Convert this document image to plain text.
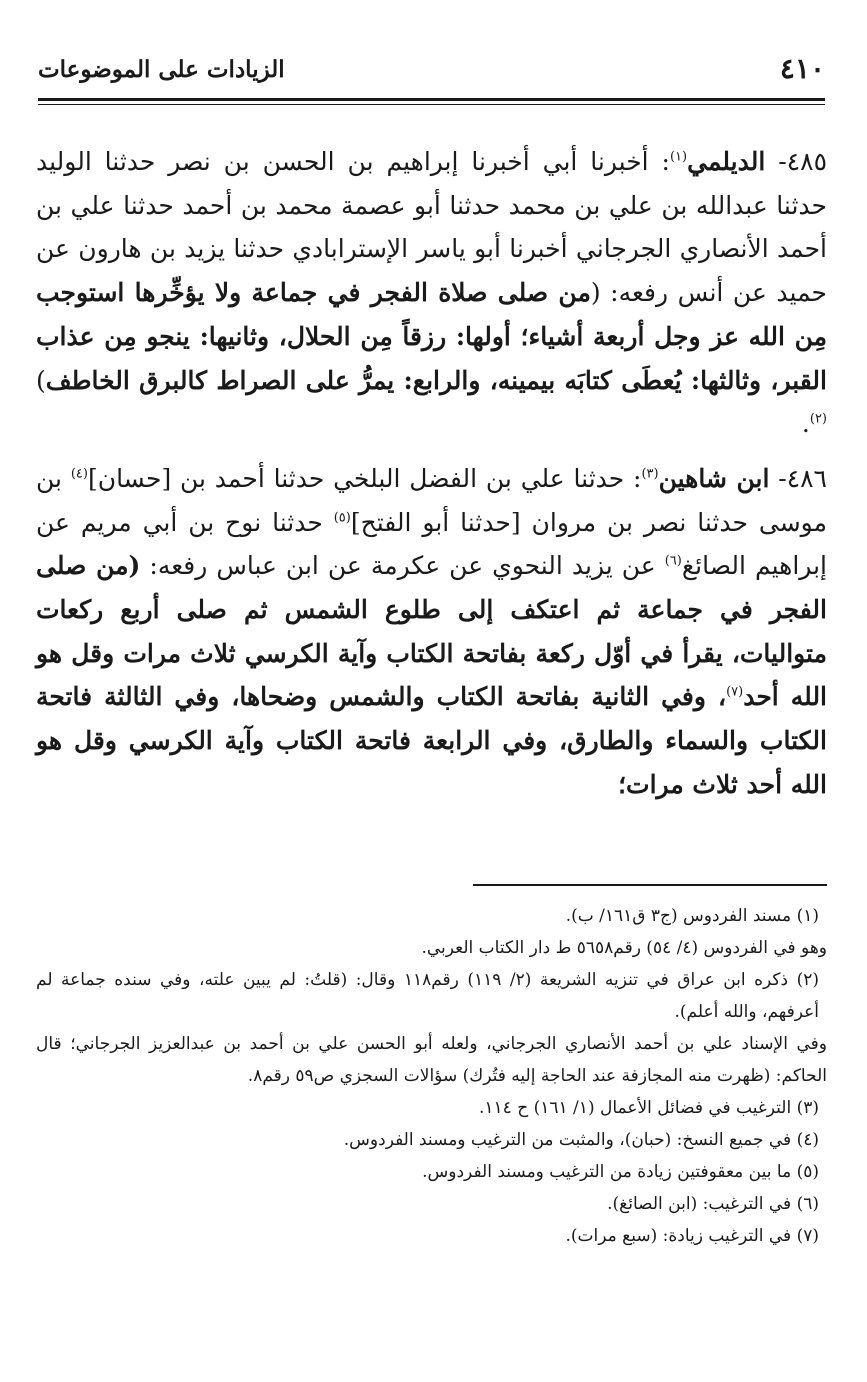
٤١٠
الزيادات على الموضوعات

٤٨٥- الديلمي$^{(١)}$: أخبرنا أبي أخبرنا إبراهيم بن الحسن بن نصر حدثنا الوليد حدثنا عبدالله بن علي بن محمد حدثنا أبو عصمة محمد بن أحمد حدثنا علي بن أحمد الأنصاري الجرجاني أخبرنا أبو ياسر الإسترابادي حدثنا يزيد بن هارون عن حميد عن أنس رفعه: (من صلى صلاة الفجر في جماعة ولا يؤخِّرها استوجب مِن الله عز وجل أربعة أشياء؛ أولها: رزقاً مِن الحلال، وثانيها: ينجو مِن عذاب القبر، وثالثها: يُعطَى كتابَه بيمينه، والرابع: يمرُّ على الصراط كالبرق الخاطف)$^{(٢)}$.

٤٨٦- ابن شاهين$^{(٣)}$: حدثنا علي بن الفضل البلخي حدثنا أحمد بن [حسان]$^{(٤)}$ بن موسى حدثنا نصر بن مروان [حدثنا أبو الفتح]$^{(٥)}$ حدثنا نوح بن أبي مريم عن إبراهيم الصائغ$^{(٦)}$ عن يزيد النحوي عن عكرمة عن ابن عباس رفعه: (من صلى الفجر في جماعة ثم اعتكف إلى طلوع الشمس ثم صلى أربع ركعات متواليات، يقرأ في أوّل ركعة بفاتحة الكتاب وآية الكرسي ثلاث مرات وقل هو الله أحد$^{(٧)}$، وفي الثانية بفاتحة الكتاب والشمس وضحاها، وفي الثالثة فاتحة الكتاب والسماء والطارق، وفي الرابعة فاتحة الكتاب وآية الكرسي وقل هو الله أحد ثلاث مرات؛

(١) مسند الفردوس (ج٣ ق١٦١/ ب).

وهو في الفردوس (٤/ ٥٤) رقم٥٦٥٨ ط دار الكتاب العربي.

(٢) ذكره ابن عراق في تنزيه الشريعة (٢/ ١١٩) رقم١١٨ وقال: (قلتُ: لم يبين علته، وفي سنده جماعة لم أعرفهم، والله أعلم).

وفي الإسناد علي بن أحمد الأنصاري الجرجاني، ولعله أبو الحسن علي بن أحمد بن عبدالعزيز الجرجاني؛ قال الحاكم: (ظهرت منه المجازفة عند الحاجة إليه فتُرك) سؤالات السجزي ص٥٩ رقم٨.

(٣) الترغيب في فضائل الأعمال (١/ ١٦١) ح ١١٤.

(٤) في جميع النسخ: (حبان)، والمثبت من الترغيب ومسند الفردوس.

(٥) ما بين معقوفتين زيادة من الترغيب ومسند الفردوس.

(٦) في الترغيب: (ابن الصائغ).

(٧) في الترغيب زيادة: (سبع مرات).
